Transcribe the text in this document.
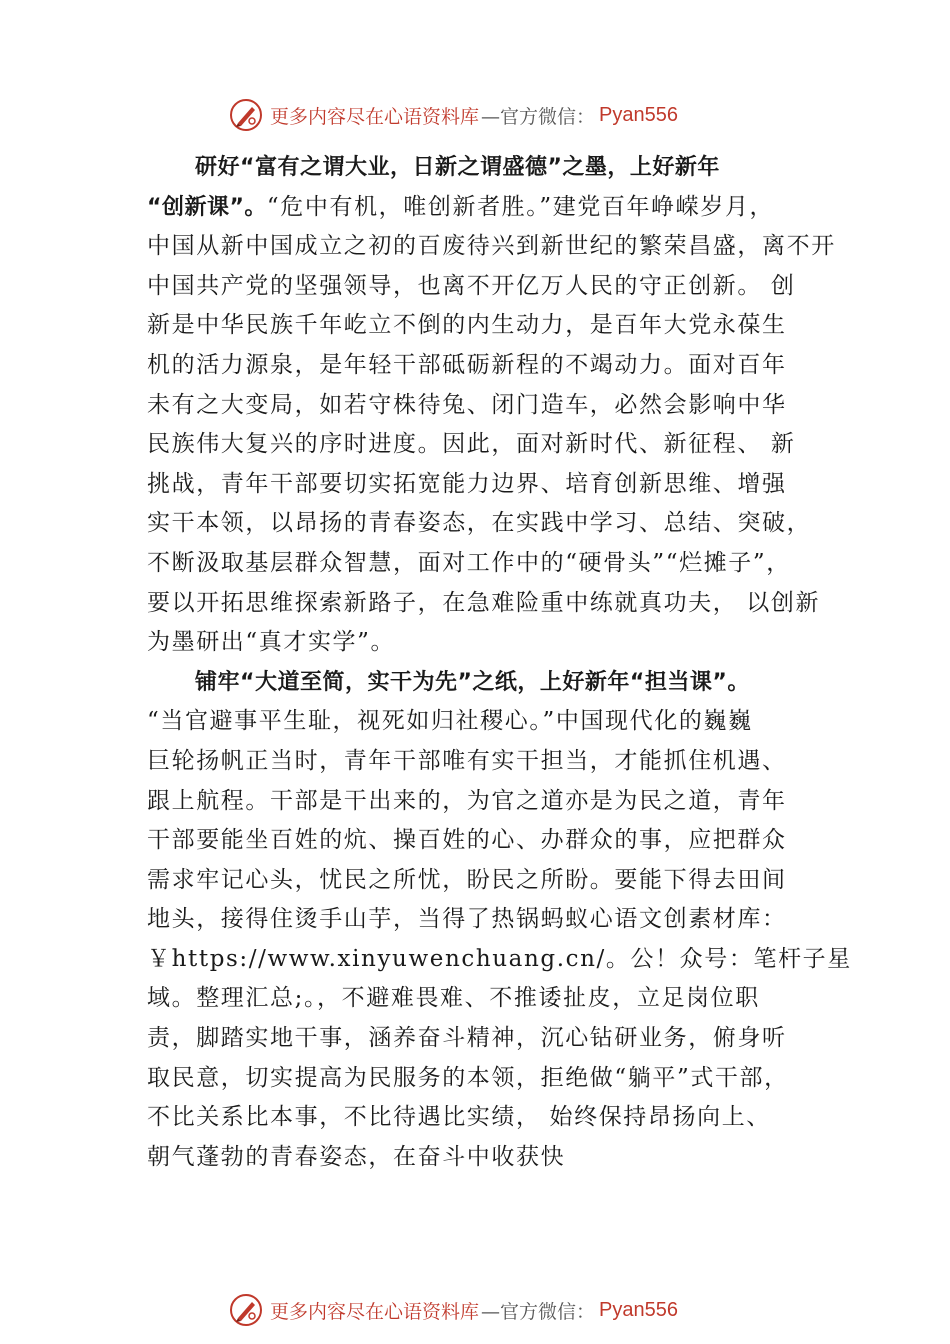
更多内容尽在心语资料库 —官方微信： Pyan556
研好“富有之谓大业，日新之谓盛德”之墨，上好新年
“创新课”。“危中有机，唯创新者胜。”建党百年峥嵘岁月，
中国从新中国成立之初的百废待兴到新世纪的繁荣昌盛，离不开
中国共产党的坚强领导，也离不开亿万人民的守正创新。 创
新是中华民族千年屹立不倒的内生动力，是百年大党永葆生
机的活力源泉，是年轻干部砥砺新程的不竭动力。面对百年
未有之大变局，如若守株待兔、闭门造车，必然会影响中华
民族伟大复兴的序时进度。因此，面对新时代、新征程、 新
挑战，青年干部要切实拓宽能力边界、培育创新思维、增强
实干本领，以昂扬的青春姿态，在实践中学习、总结、突破，
不断汲取基层群众智慧，面对工作中的“硬骨头”“烂摊子”，
要以开拓思维探索新路子，在急难险重中练就真功夫， 以创新
为墨研出“真才实学”。
铺牢“大道至简，实干为先”之纸，上好新年“担当课”。
“当官避事平生耻，视死如归社稷心。”中国现代化的巍巍
巨轮扬帆正当时，青年干部唯有实干担当，才能抓住机遇、
跟上航程。干部是干出来的，为官之道亦是为民之道，青年
干部要能坐百姓的炕、操百姓的心、办群众的事，应把群众
需求牢记心头，忧民之所忧，盼民之所盼。要能下得去田间
地头，接得住烫手山芋，当得了热锅蚂蚁心语文创素材库：
￥https://www.xinyuwenchuang.cn/。公！众号：笔杆子星
域。整理汇总;。，不避难畏难、不推诿扯皮，立足岗位职
责，脚踏实地干事，涵养奋斗精神，沉心钻研业务，俯身听
取民意，切实提高为民服务的本领，拒绝做“躺平”式干部，
不比关系比本事，不比待遇比实绩， 始终保持昂扬向上、
朝气蓬勃的青春姿态，在奋斗中收获快
更多内容尽在心语资料库 —官方微信： Pyan556
